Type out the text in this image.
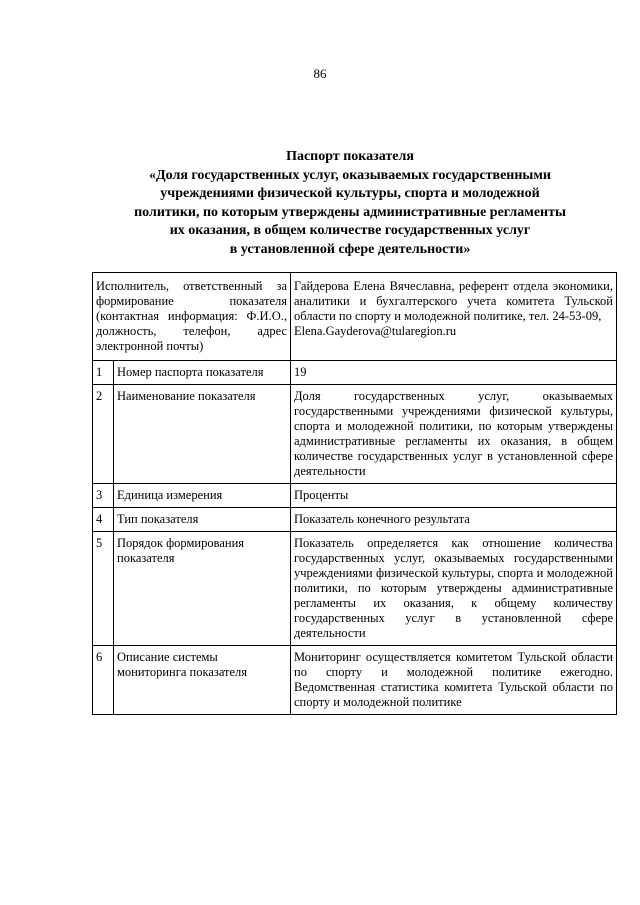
86
Паспорт показателя
«Доля государственных услуг, оказываемых государственными
учреждениями физической культуры, спорта и молодежной
политики, по которым утверждены административные регламенты
их оказания, в общем количестве государственных услуг
в установленной сфере деятельности»
Исполнитель, ответственный за формирование показателя (контактная информация: Ф.И.О., должность, телефон, адрес электронной почты)		Гайдерова Елена Вячеславна, референт отдела экономики, аналитики и бухгалтерского учета комитета Тульской области по спорту и молодежной политике, тел. 24-53-09,
Elena.Gayderova@tularegion.ru
1	Номер паспорта показателя	19
2	Наименование показателя	Доля государственных услуг, оказываемых государственными учреждениями физической культуры, спорта и молодежной политики, по которым утверждены административные регламенты их оказания, в общем количестве государственных услуг в установленной сфере деятельности
3	Единица измерения	Проценты
4	Тип показателя	Показатель конечного результата
5	Порядок формирования показателя	Показатель определяется как отношение количества государственных услуг, оказываемых государственными учреждениями физической культуры, спорта и молодежной политики, по которым утверждены административные регламенты их оказания, к общему количеству государственных услуг в установленной сфере деятельности
6	Описание системы мониторинга показателя	Мониторинг осуществляется комитетом Тульской области по спорту и молодежной политике ежегодно. Ведомственная статистика комитета Тульской области по спорту и молодежной политике
